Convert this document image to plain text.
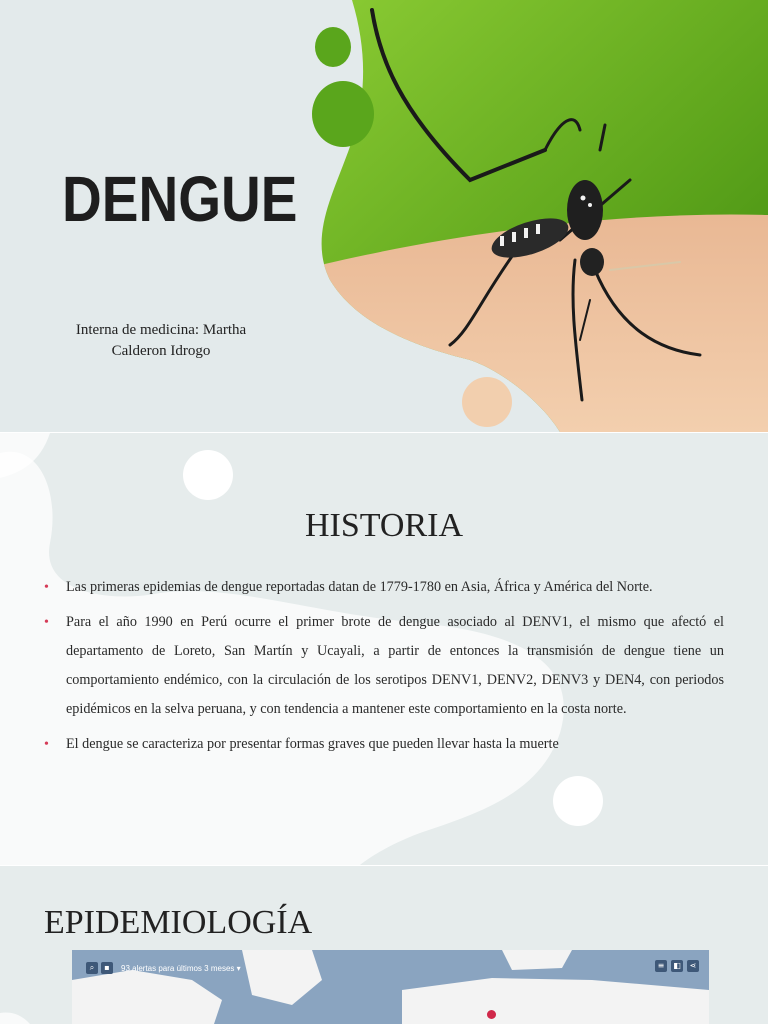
DENGUE
Interna de medicina: Martha
Calderon Idrogo
HISTORIA
• Las primeras epidemias de dengue reportadas datan de 1779-1780 en Asia, África y América del Norte.
• Para el año 1990 en Perú ocurre el primer brote de dengue asociado al DENV1, el mismo que afectó el departamento de Loreto, San Martín y Ucayali, a partir de entonces la transmisión de dengue tiene un comportamiento endémico, con la circulación de los serotipos DENV1, DENV2, DENV3 y DEN4, con periodos epidémicos en la selva peruana, y con tendencia a mantener este comportamiento en la costa norte.
• El dengue se caracteriza por presentar formas graves que pueden llevar hasta la muerte
EPIDEMIOLOGÍA
⌕	▪	93 alertas para últimos 3 meses ▾	≡	◧	⋖
